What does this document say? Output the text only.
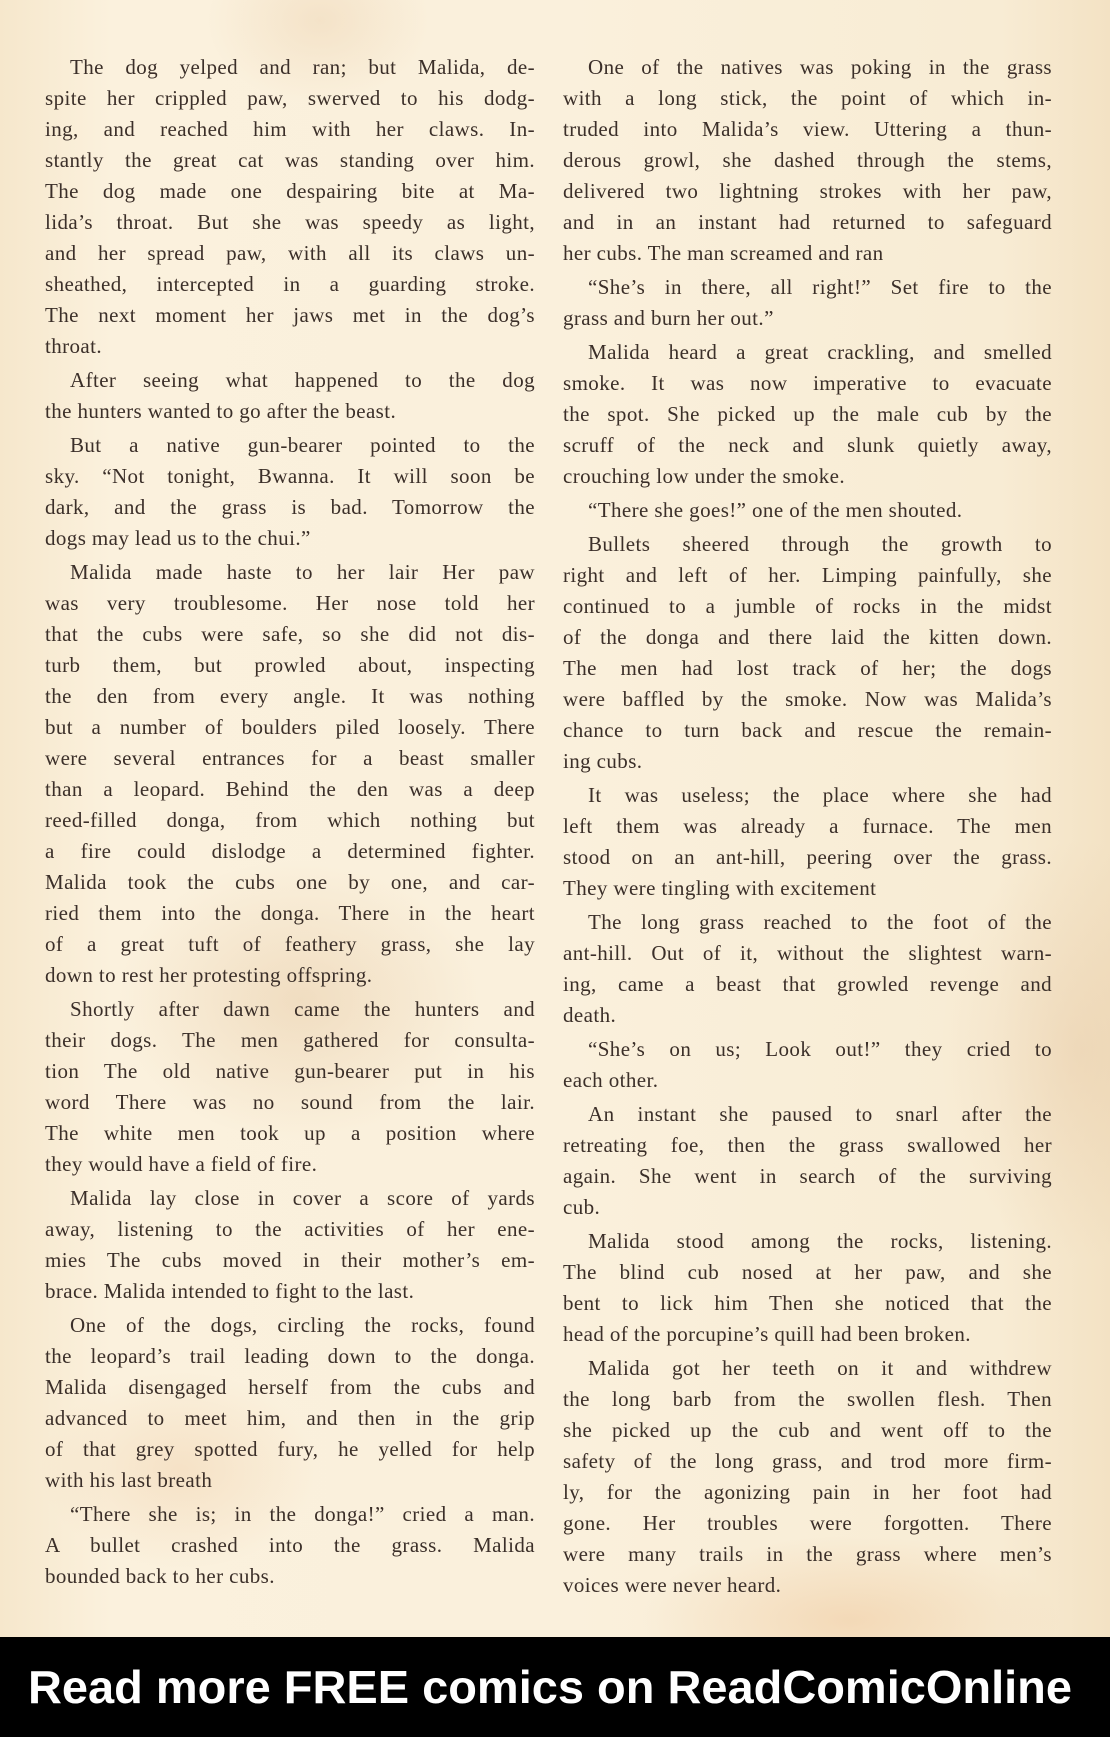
The dog yelped and ran; but Malida, de-
spite her crippled paw, swerved to his dodg-
ing, and reached him with her claws. In-
stantly the great cat was standing over him.
The dog made one despairing bite at Ma-
lida’s throat. But she was speedy as light,
and her spread paw, with all its claws un-
sheathed, intercepted in a guarding stroke.
The next moment her jaws met in the dog’s
throat.
After seeing what happened to the dog
the hunters wanted to go after the beast.
But a native gun-bearer pointed to the
sky. “Not tonight, Bwanna. It will soon be
dark, and the grass is bad. Tomorrow the
dogs may lead us to the chui.”
Malida made haste to her lair Her paw
was very troublesome. Her nose told her
that the cubs were safe, so she did not dis-
turb them, but prowled about, inspecting
the den from every angle. It was nothing
but a number of boulders piled loosely. There
were several entrances for a beast smaller
than a leopard. Behind the den was a deep
reed-filled donga, from which nothing but
a fire could dislodge a determined fighter.
Malida took the cubs one by one, and car-
ried them into the donga. There in the heart
of a great tuft of feathery grass, she lay
down to rest her protesting offspring.
Shortly after dawn came the hunters and
their dogs. The men gathered for consulta-
tion The old native gun-bearer put in his
word There was no sound from the lair.
The white men took up a position where
they would have a field of fire.
Malida lay close in cover a score of yards
away, listening to the activities of her ene-
mies The cubs moved in their mother’s em-
brace. Malida intended to fight to the last.
One of the dogs, circling the rocks, found
the leopard’s trail leading down to the donga.
Malida disengaged herself from the cubs and
advanced to meet him, and then in the grip
of that grey spotted fury, he yelled for help
with his last breath
“There she is; in the donga!” cried a man.
A bullet crashed into the grass. Malida
bounded back to her cubs.
One of the natives was poking in the grass
with a long stick, the point of which in-
truded into Malida’s view. Uttering a thun-
derous growl, she dashed through the stems,
delivered two lightning strokes with her paw,
and in an instant had returned to safeguard
her cubs. The man screamed and ran
“She’s in there, all right!” Set fire to the
grass and burn her out.”
Malida heard a great crackling, and smelled
smoke. It was now imperative to evacuate
the spot. She picked up the male cub by the
scruff of the neck and slunk quietly away,
crouching low under the smoke.
“There she goes!” one of the men shouted.
Bullets sheered through the growth to
right and left of her. Limping painfully, she
continued to a jumble of rocks in the midst
of the donga and there laid the kitten down.
The men had lost track of her; the dogs
were baffled by the smoke. Now was Malida’s
chance to turn back and rescue the remain-
ing cubs.
It was useless; the place where she had
left them was already a furnace. The men
stood on an ant-hill, peering over the grass.
They were tingling with excitement
The long grass reached to the foot of the
ant-hill. Out of it, without the slightest warn-
ing, came a beast that growled revenge and
death.
“She’s on us; Look out!” they cried to
each other.
An instant she paused to snarl after the
retreating foe, then the grass swallowed her
again. She went in search of the surviving
cub.
Malida stood among the rocks, listening.
The blind cub nosed at her paw, and she
bent to lick him Then she noticed that the
head of the porcupine’s quill had been broken.
Malida got her teeth on it and withdrew
the long barb from the swollen flesh. Then
she picked up the cub and went off to the
safety of the long grass, and trod more firm-
ly, for the agonizing pain in her foot had
gone. Her troubles were forgotten. There
were many trails in the grass where men’s
voices were never heard.
Read more FREE comics on ReadComicOnline
